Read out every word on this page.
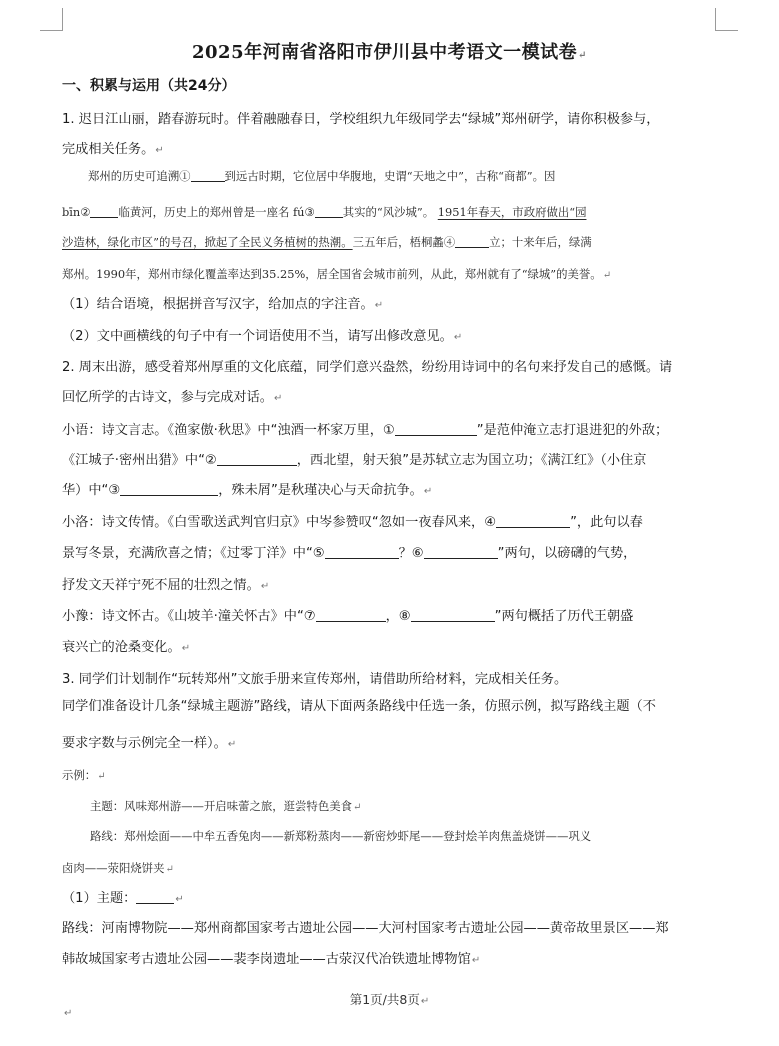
2025年河南省洛阳市伊川县中考语文一模试卷↵
一、积累与运用（共24分）
1. 迟日江山丽，踏春游玩时。伴着融融春日，学校组织九年级同学去“绿城”郑州研学，请你积极参与，
完成相关任务。↵
郑州的历史可追溯①	到远古时期，它位居中华腹地，史谓“天地之中”，古称“商都”。因
bīn② 临黄河，历史上的郑州曾是一座名 fú③ 其实的“风沙城”。 1951年春天，市政府做出“园
沙造林，绿化市区”的号召，掀起了全民义务植树的热潮。三五年后，梧桐蠡④	立；十来年后，绿满
郑州。1990年，郑州市绿化覆盖率达到35.25%，居全国省会城市前列，从此，郑州就有了“绿城”的美誉。↵
（1）结合语境，根据拼音写汉字，给加点的字注音。↵
（2）文中画横线的句子中有一个词语使用不当，请写出修改意见。↵
2. 周末出游，感受着郑州厚重的文化底蕴，同学们意兴盎然，纷纷用诗词中的名句来抒发自己的感慨。请
回忆所学的古诗文，参与完成对话。↵
小语：诗文言志。《渔家傲·秋思》中“浊酒一杯家万里，①	”是范仲淹立志打退进犯的外敌；
《江城子·密州出猎》中“②	，西北望，射天狼”是苏轼立志为国立功；《满江红》（小住京
华）中“③	，殊未屑”是秋瑾决心与天命抗争。↵
小洛：诗文传情。《白雪歌送武判官归京》中岑参赞叹“忽如一夜春风来，④	”，此句以春
景写冬景，充满欣喜之情；《过零丁洋》中“⑤	？⑥	”两句，以磅礴的气势，
抒发文天祥宁死不屈的壮烈之情。↵
小豫：诗文怀古。《山坡羊·潼关怀古》中“⑦	，⑧	”两句概括了历代王朝盛
衰兴亡的沧桑变化。↵
3. 同学们计划制作“玩转郑州”文旅手册来宣传郑州，请借助所给材料，完成相关任务。
同学们准备设计几条“绿城主题游”路线，请从下面两条路线中任选一条，仿照示例，拟写路线主题（不
要求字数与示例完全一样）。↵
示例：↵
主题：风味郑州游——开启味蕾之旅，逛尝特色美食↵
路线：郑州烩面——中牟五香兔肉——新郑粉蒸肉——新密炒虾尾——登封烩羊肉焦盖烧饼——巩义
卤肉——荥阳烧饼夹↵
（1）主题：	↵
路线：河南博物院——郑州商都国家考古遗址公园——大河村国家考古遗址公园——黄帝故里景区——郑
韩故城国家考古遗址公园——裴李岗遗址——古荥汉代冶铁遗址博物馆↵
第1页/共8页↵
↵
